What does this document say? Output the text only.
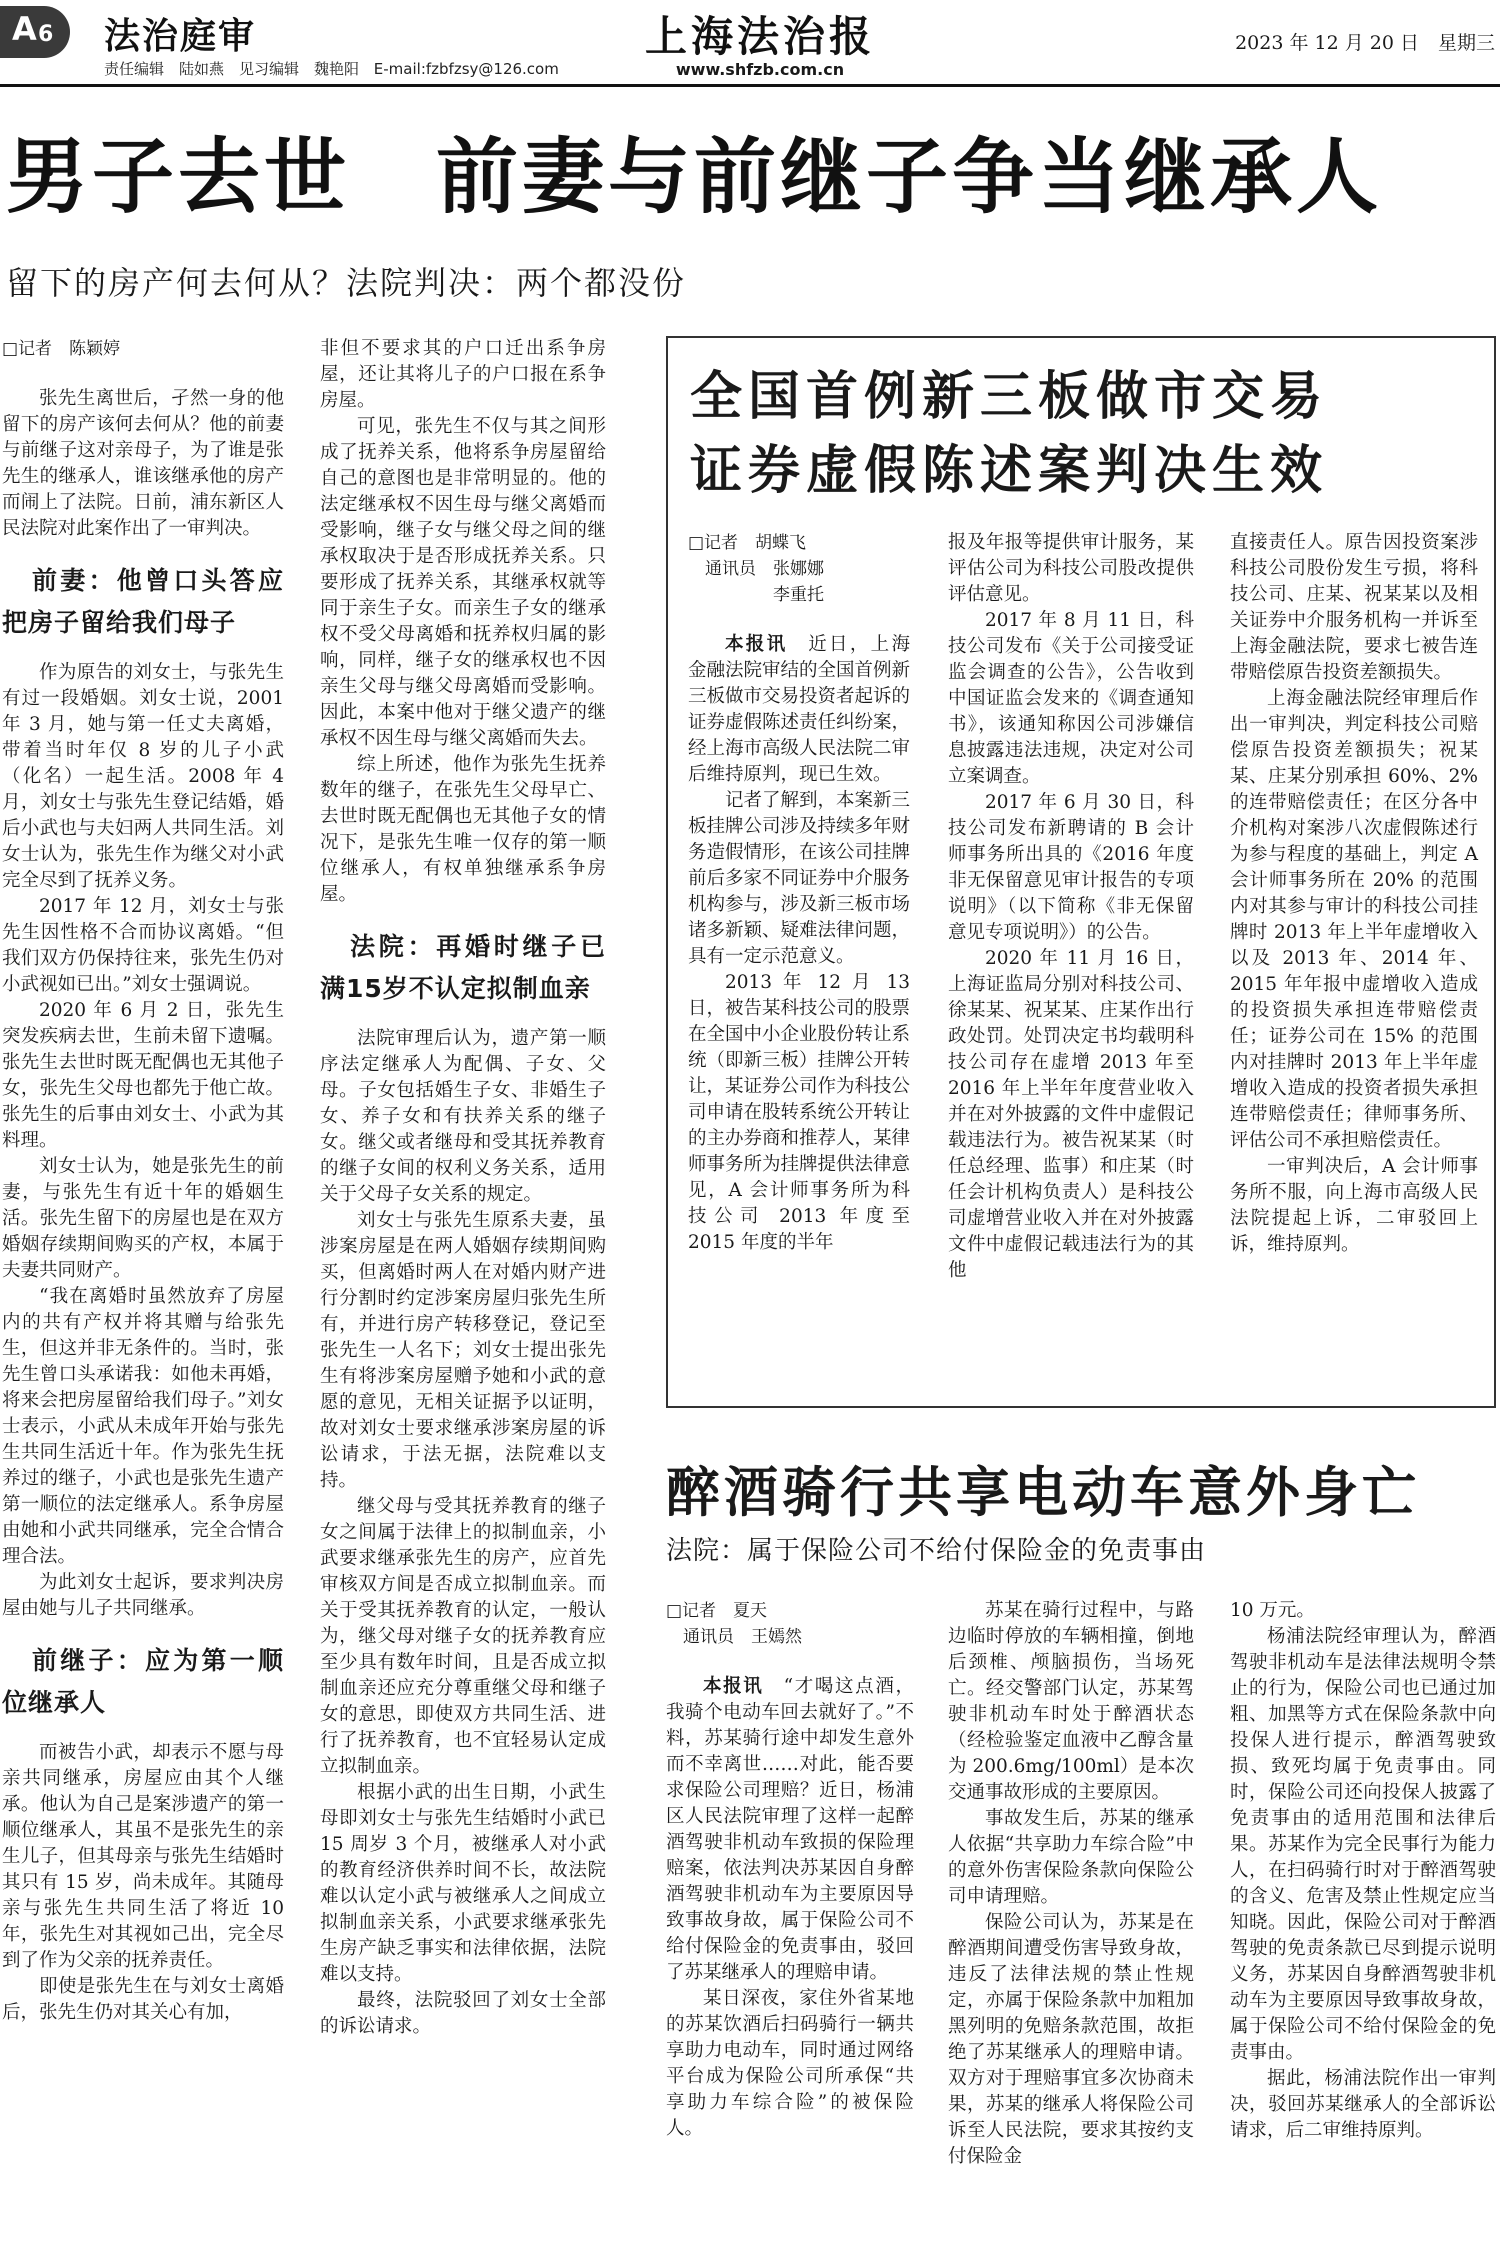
A 6 法治庭审
责任编辑　陆如燕　见习编辑　魏艳阳 E-mail:fzbfzsy@126.com
上海法治报
www.shfzb.com.cn
2023 年 12 月 20 日　星期三
男子去世　前妻与前继子争当继承人
留下的房产何去何从？法院判决：两个都没份

□记者　陈颖婷

张先生离世后，孑然一身的他留下的房产该何去何从？他的前妻与前继子这对亲母子，为了谁是张先生的继承人，谁该继承他的房产而闹上了法院。日前，浦东新区人民法院对此案作出了一审判决。

前妻：他曾口头答应把房子留给我们母子

作为原告的刘女士，与张先生有过一段婚姻。刘女士说，2001 年 3 月，她与第一任丈夫离婚，带着当时年仅 8 岁的儿子小武（化名）一起生活。2008 年 4 月，刘女士与张先生登记结婚，婚后小武也与夫妇两人共同生活。刘女士认为，张先生作为继父对小武完全尽到了抚养义务。

2017 年 12 月，刘女士与张先生因性格不合而协议离婚。“但我们双方仍保持往来，张先生仍对小武视如已出。”刘女士强调说。

2020 年 6 月 2 日，张先生突发疾病去世，生前未留下遗嘱。张先生去世时既无配偶也无其他子女，张先生父母也都先于他亡故。张先生的后事由刘女士、小武为其料理。

刘女士认为，她是张先生的前妻，与张先生有近十年的婚姻生活。张先生留下的房屋也是在双方婚姻存续期间购买的产权，本属于夫妻共同财产。

“我在离婚时虽然放弃了房屋内的共有产权并将其赠与给张先生，但这并非无条件的。当时，张先生曾口头承诺我：如他未再婚，将来会把房屋留给我们母子。”刘女士表示，小武从未成年开始与张先生共同生活近十年。作为张先生抚养过的继子，小武也是张先生遗产第一顺位的法定继承人。系争房屋由她和小武共同继承，完全合情合理合法。

为此刘女士起诉，要求判决房屋由她与儿子共同继承。

前继子：应为第一顺位继承人

而被告小武，却表示不愿与母亲共同继承，房屋应由其个人继承。他认为自己是案涉遗产的第一顺位继承人，其虽不是张先生的亲生儿子，但其母亲与张先生结婚时其只有 15 岁，尚未成年。其随母亲与张先生共同生活了将近 10 年，张先生对其视如己出，完全尽到了作为父亲的抚养责任。

即使是张先生在与刘女士离婚后，张先生仍对其关心有加，

非但不要求其的户口迁出系争房屋，还让其将儿子的户口报在系争房屋。

可见，张先生不仅与其之间形成了抚养关系，他将系争房屋留给自己的意图也是非常明显的。他的法定继承权不因生母与继父离婚而受影响，继子女与继父母之间的继承权取决于是否形成抚养关系。只要形成了抚养关系，其继承权就等同于亲生子女。而亲生子女的继承权不受父母离婚和抚养权归属的影响，同样，继子女的继承权也不因亲生父母与继父母离婚而受影响。因此，本案中他对于继父遗产的继承权不因生母与继父离婚而失去。

综上所述，他作为张先生抚养数年的继子，在张先生父母早亡、去世时既无配偶也无其他子女的情况下，是张先生唯一仅存的第一顺位继承人，有权单独继承系争房屋。

法院：再婚时继子已满15岁不认定拟制血亲

法院审理后认为，遗产第一顺序法定继承人为配偶、子女、父母。子女包括婚生子女、非婚生子女、养子女和有扶养关系的继子女。继父或者继母和受其抚养教育的继子女间的权利义务关系，适用关于父母子女关系的规定。

刘女士与张先生原系夫妻，虽涉案房屋是在两人婚姻存续期间购买，但离婚时两人在对婚内财产进行分割时约定涉案房屋归张先生所有，并进行房产转移登记，登记至张先生一人名下；刘女士提出张先生有将涉案房屋赠予她和小武的意愿的意见，无相关证据予以证明，故对刘女士要求继承涉案房屋的诉讼请求，于法无据，法院难以支持。

继父母与受其抚养教育的继子女之间属于法律上的拟制血亲，小武要求继承张先生的房产，应首先审核双方间是否成立拟制血亲。而关于受其抚养教育的认定，一般认为，继父母对继子女的抚养教育应至少具有数年时间，且是否成立拟制血亲还应充分尊重继父母和继子女的意思，即使双方共同生活、进行了抚养教育，也不宜轻易认定成立拟制血亲。

根据小武的出生日期，小武生母即刘女士与张先生结婚时小武已 15 周岁 3 个月，被继承人对小武的教育经济供养时间不长，故法院难以认定小武与被继承人之间成立拟制血亲关系，小武要求继承张先生房产缺乏事实和法律依据，法院难以支持。

最终，法院驳回了刘女士全部的诉讼请求。

全国首例新三板做市交易
证券虚假陈述案判决生效

□记者　胡蝶飞
　通讯员　张娜娜
　　　　　李重托

本报讯　近日，上海金融法院审结的全国首例新三板做市交易投资者起诉的证券虚假陈述责任纠纷案，经上海市高级人民法院二审后维持原判，现已生效。

记者了解到，本案新三板挂牌公司涉及持续多年财务造假情形，在该公司挂牌前后多家不同证券中介服务机构参与，涉及新三板市场诸多新颖、疑难法律问题，具有一定示范意义。

2013 年 12 月 13 日，被告某科技公司的股票在全国中小企业股份转让系统（即新三板）挂牌公开转让，某证券公司作为科技公司申请在股转系统公开转让的主办券商和推荐人，某律师事务所为挂牌提供法律意见，A 会计师事务所为科技公司 2013 年度至 2015 年度的半年

报及年报等提供审计服务，某评估公司为科技公司股改提供评估意见。

2017 年 8 月 11 日，科技公司发布《关于公司接受证监会调查的公告》，公告收到中国证监会发来的《调查通知书》，该通知称因公司涉嫌信息披露违法违规，决定对公司立案调查。

2017 年 6 月 30 日，科技公司发布新聘请的 B 会计师事务所出具的《2016 年度非无保留意见审计报告的专项说明》（以下简称《非无保留意见专项说明》）的公告。

2020 年 11 月 16 日，上海证监局分别对科技公司、徐某某、祝某某、庄某作出行政处罚。处罚决定书均载明科技公司存在虚增 2013 年至 2016 年上半年年度营业收入并在对外披露的文件中虚假记载违法行为。被告祝某某（时任总经理、监事）和庄某（时任会计机构负责人）是科技公司虚增营业收入并在对外披露文件中虚假记载违法行为的其他

直接责任人。原告因投资案涉科技公司股份发生亏损，将科技公司、庄某、祝某某以及相关证券中介服务机构一并诉至上海金融法院，要求七被告连带赔偿原告投资差额损失。

上海金融法院经审理后作出一审判决，判定科技公司赔偿原告投资差额损失；祝某某、庄某分别承担 60%、2% 的连带赔偿责任；在区分各中介机构对案涉八次虚假陈述行为参与程度的基础上，判定 A 会计师事务所在 20% 的范围内对其参与审计的科技公司挂牌时 2013 年上半年虚增收入以及 2013 年、2014 年、2015 年年报中虚增收入造成的投资损失承担连带赔偿责任；证券公司在 15% 的范围内对挂牌时 2013 年上半年虚增收入造成的投资者损失承担连带赔偿责任；律师事务所、评估公司不承担赔偿责任。

一审判决后，A 会计师事务所不服，向上海市高级人民法院提起上诉，二审驳回上诉，维持原判。

醉酒骑行共享电动车意外身亡
法院：属于保险公司不给付保险金的免责事由

□记者　夏天
　通讯员　王嫣然

本报讯　“才喝这点酒，我骑个电动车回去就好了。”不料，苏某骑行途中却发生意外而不幸离世……对此，能否要求保险公司理赔？近日，杨浦区人民法院审理了这样一起醉酒驾驶非机动车致损的保险理赔案，依法判决苏某因自身醉酒驾驶非机动车为主要原因导致事故身故，属于保险公司不给付保险金的免责事由，驳回了苏某继承人的理赔申请。

某日深夜，家住外省某地的苏某饮酒后扫码骑行一辆共享助力电动车，同时通过网络平台成为保险公司所承保“共享助力车综合险”的被保险人。

苏某在骑行过程中，与路边临时停放的车辆相撞，倒地后颈椎、颅脑损伤，当场死亡。经交警部门认定，苏某驾驶非机动车时处于醉酒状态（经检验鉴定血液中乙醇含量为 200.6mg/100ml）是本次交通事故形成的主要原因。

事故发生后，苏某的继承人依据“共享助力车综合险”中的意外伤害保险条款向保险公司申请理赔。

保险公司认为，苏某是在醉酒期间遭受伤害导致身故，违反了法律法规的禁止性规定，亦属于保险条款中加粗加黑列明的免赔条款范围，故拒绝了苏某继承人的理赔申请。双方对于理赔事宜多次协商未果，苏某的继承人将保险公司诉至人民法院，要求其按约支付保险金

10 万元。

杨浦法院经审理认为，醉酒驾驶非机动车是法律法规明令禁止的行为，保险公司也已通过加粗、加黑等方式在保险条款中向投保人进行提示，醉酒驾驶致损、致死均属于免责事由。同时，保险公司还向投保人披露了免责事由的适用范围和法律后果。苏某作为完全民事行为能力人，在扫码骑行时对于醉酒驾驶的含义、危害及禁止性规定应当知晓。因此，保险公司对于醉酒驾驶的免责条款已尽到提示说明义务，苏某因自身醉酒驾驶非机动车为主要原因导致事故身故，属于保险公司不给付保险金的免责事由。

据此，杨浦法院作出一审判决，驳回苏某继承人的全部诉讼请求，后二审维持原判。
